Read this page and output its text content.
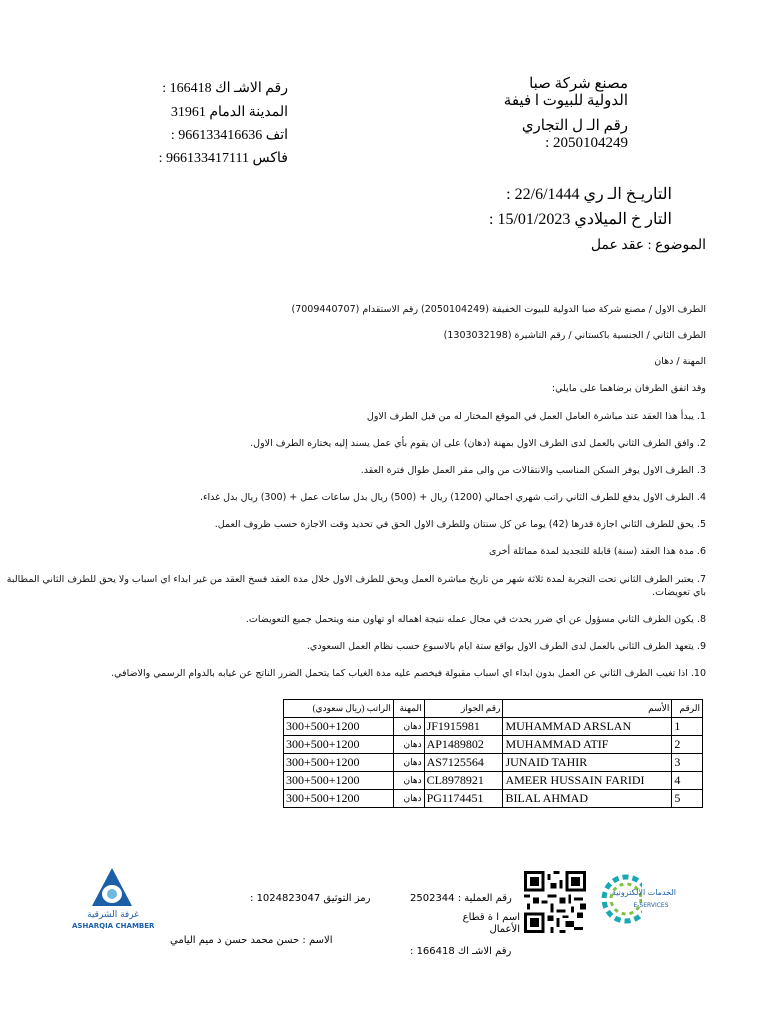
مصنع شركة صبا
الدولية للبيوت ا فيفة
رقم الـ ل التجاري
: 2050104249
رقم الاشـ اك 166418 :
المدينة الدمام 31961
اتف 966133416636 :
فاكس 966133417111 :
التاريـخ الـ ري 22/6/1444 :
التار خ الميلادي 15/01/2023 :
الموضوع : عقد عمل
الطرف الاول / مصنع شركة صبا الدولية للبيوت الخفيفة (2050104249) رقم الاستقدام (7009440707)
الطرف الثاني / الجنسية باكستاني / رقم التاشيرة (1303032198)
المهنة / دهان
وقد اتفق الطرفان برضاهما على مايلي:
1. يبدأ هذا العقد عند مباشرة العامل العمل في الموقع المختار له من قبل الطرف الاول
2. وافق الطرف الثاني بالعمل لدى الطرف الاول بمهنة (دهان) على ان يقوم بأي عمل يسند إليه يختاره الطرف الاول.
3. الطرف الاول يوفر السكن المناسب والانتقالات من والى مقر العمل طوال فترة العقد.
4. الطرف الاول يدفع للطرف الثاني راتب شهري اجمالي (1200) ريال + (500) ريال بدل ساعات عمل + (300) ريال بدل غداء.
5. يحق للطرف الثاني اجازة قدرها (42) يوما عن كل سنتان وللطرف الاول الحق في تحديد وقت الاجازة حسب ظروف العمل.
6. مدة هذا العقد (سنة) قابلة للتجديد لمدة مماثلة أخرى
7. يعتبر الطرف الثاني تحت التجربة لمدة ثلاثة شهر من تاريخ مباشرة العمل ويحق للطرف الاول خلال مدة العقد فسخ العقد من غير ابداء اي اسباب ولا يحق للطرف الثاني المطالبة باي تعويضات.
8. يكون الطرف الثاني مسؤول عن اي ضرر يحدث في مجال عمله نتيجة اهماله او تهاون منه ويتحمل جميع التعويضات.
9. يتعهد الطرف الثاني بالعمل لدى الطرف الاول بواقع ستة ايام بالاسبوع حسب نظام العمل السعودي.
10. اذا تغيب الطرف الثاني عن العمل بدون ابداء اي اسباب مقبولة فيخصم عليه مدة الغياب كما يتحمل الضرر الناتج عن غيابه بالدوام الرسمي والاضافي.
الراتب (ريال سعودي)	المهنة	رقم الجواز	الأسم	الرقم
300+500+1200	دهان	JF1915981	MUHAMMAD ARSLAN	1
300+500+1200	دهان	AP1489802	MUHAMMAD ATIF	2
300+500+1200	دهان	AS7125564	JUNAID TAHIR	3
300+500+1200	دهان	CL8978921	AMEER HUSSAIN FARIDI	4
300+500+1200	دهان	PG1174451	BILAL AHMAD	5
غرفة الشرقية
ASHARQIA CHAMBER
رمز التوثيق 1024823047 :
الاسم : حسن محمد حسن د ميم اليامي
رقم العملية : 2502344
اسم ا ة قطاع الأعمال
رقم الاشـ اك 166418 :
الخدمات الالكترونية
E-SERVICES
